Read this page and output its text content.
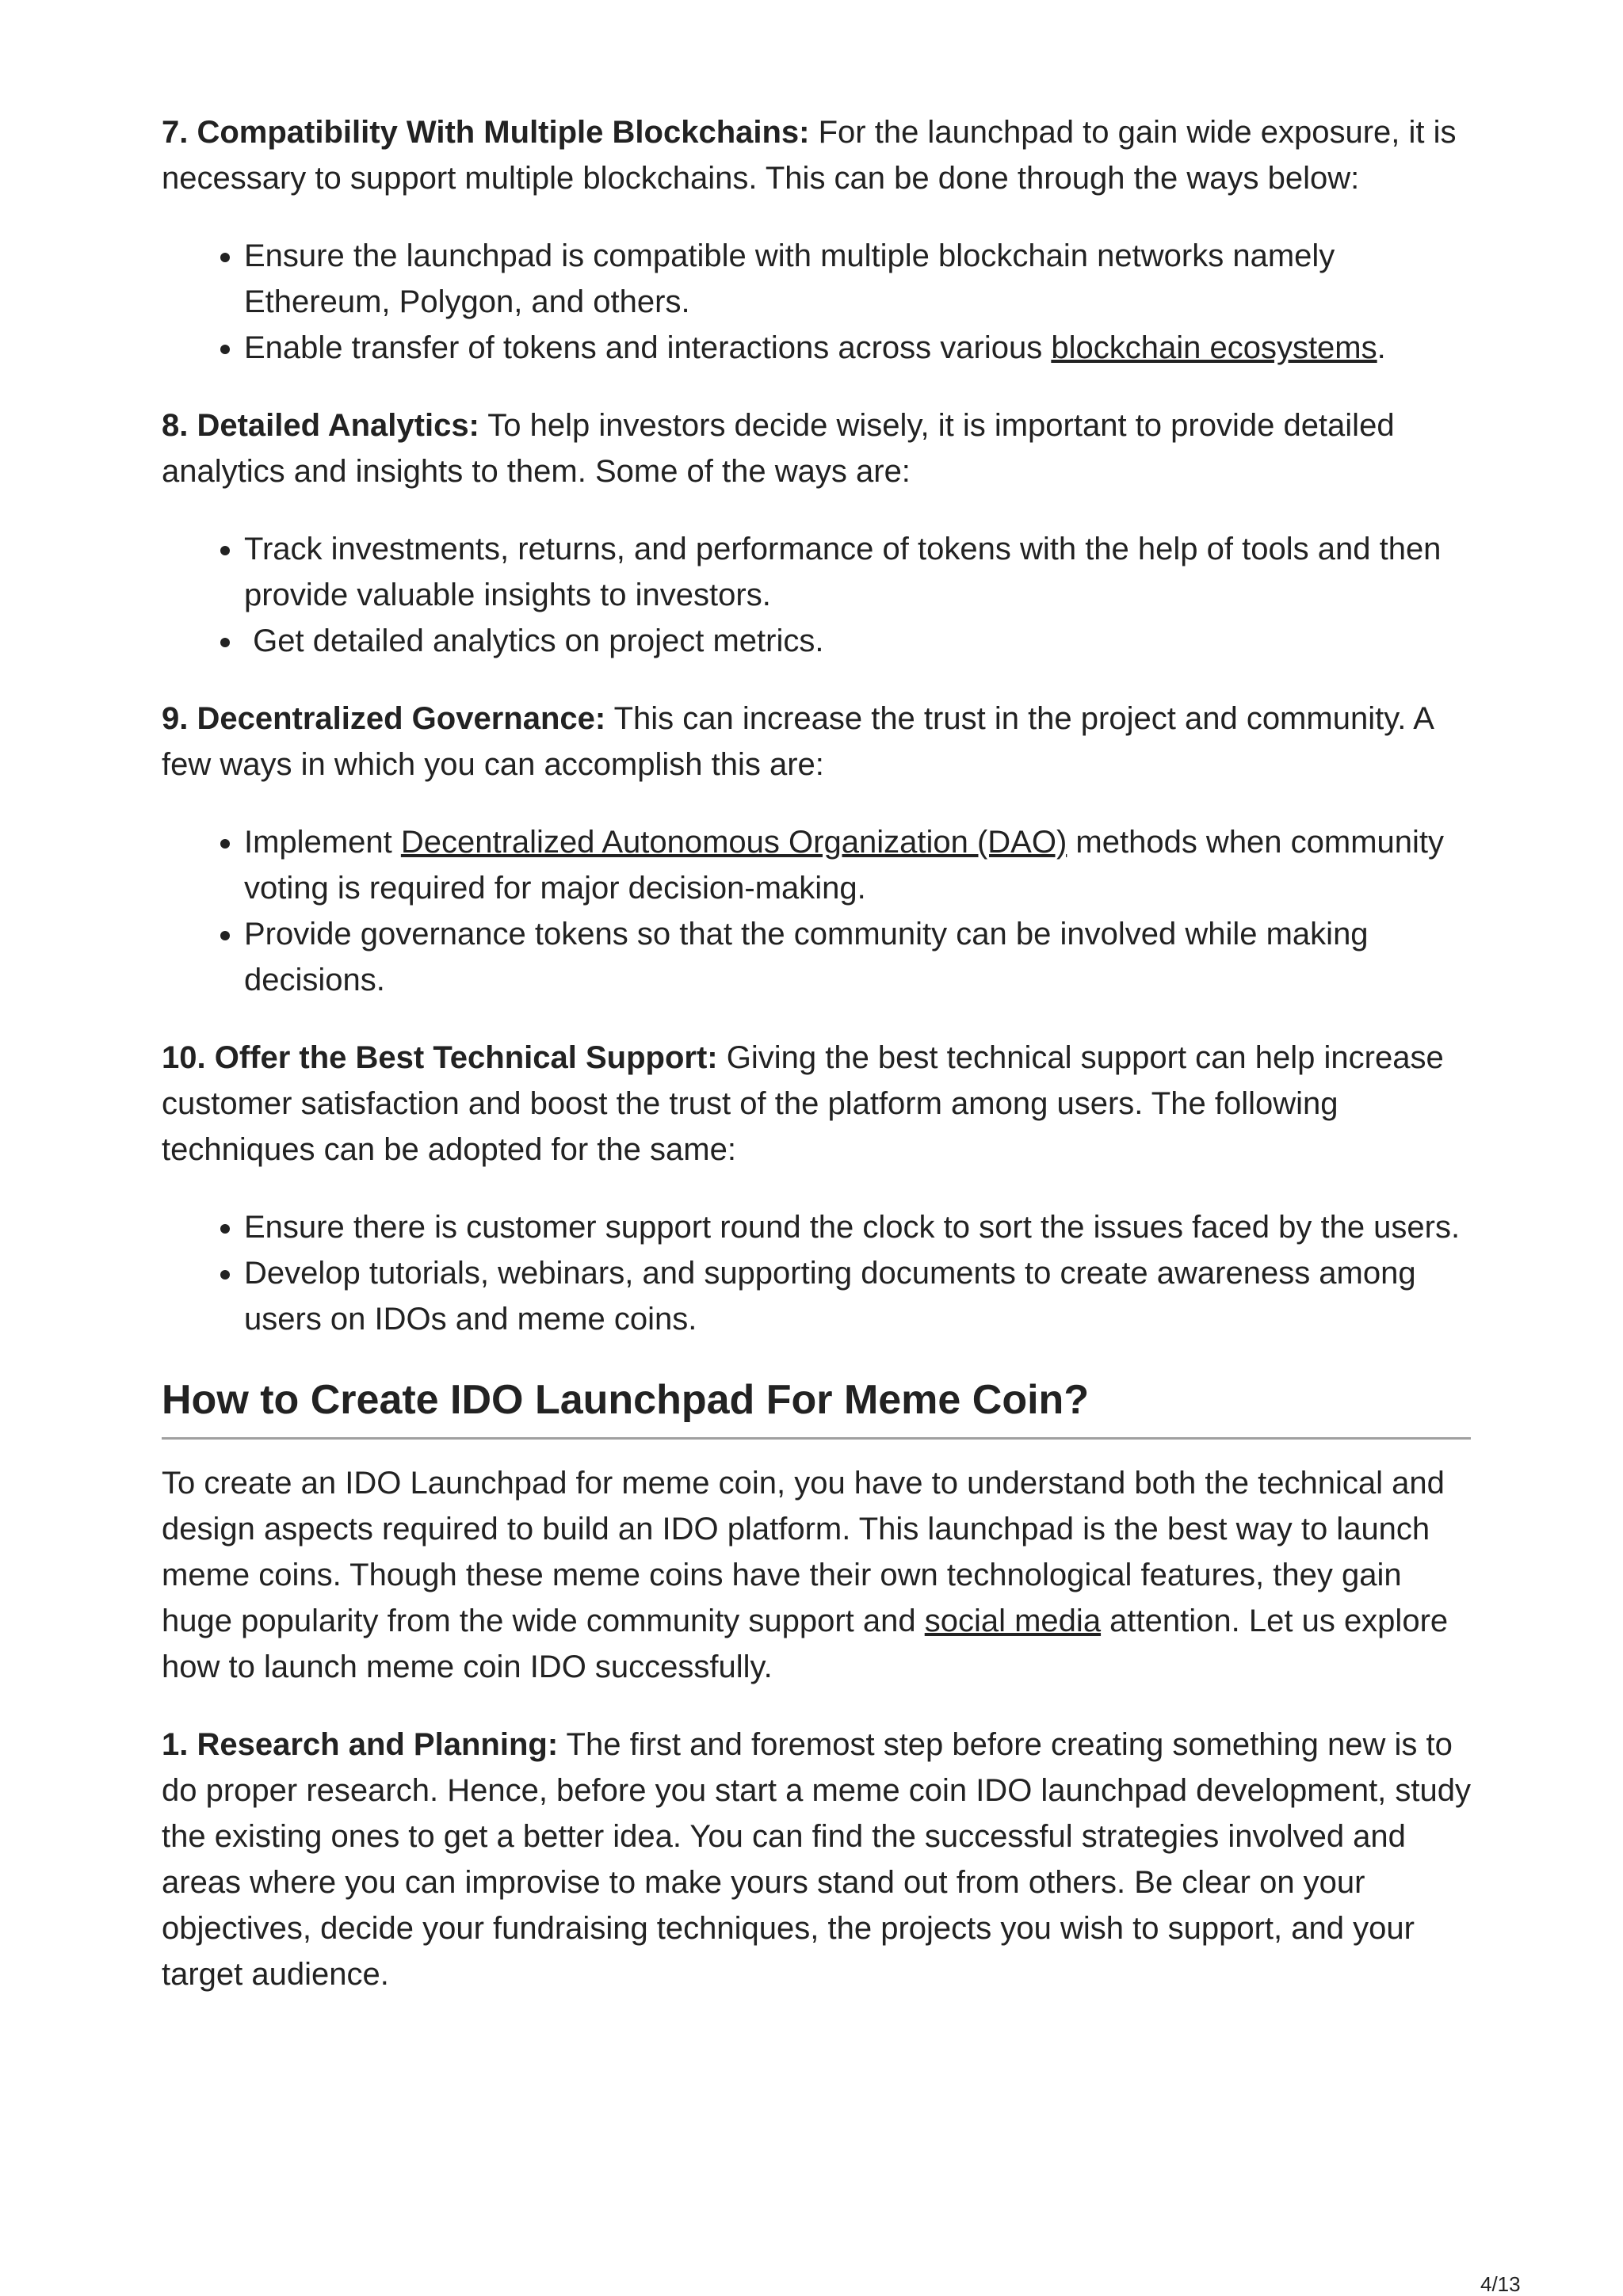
7. Compatibility With Multiple Blockchains: For the launchpad to gain wide exposure, it is necessary to support multiple blockchains. This can be done through the ways below:

• Ensure the launchpad is compatible with multiple blockchain networks namely Ethereum, Polygon, and others.
• Enable transfer of tokens and interactions across various blockchain ecosystems.

8. Detailed Analytics: To help investors decide wisely, it is important to provide detailed analytics and insights to them. Some of the ways are:

• Track investments, returns, and performance of tokens with the help of tools and then provide valuable insights to investors.
•  Get detailed analytics on project metrics.

9. Decentralized Governance: This can increase the trust in the project and community. A few ways in which you can accomplish this are:

• Implement Decentralized Autonomous Organization (DAO) methods when community voting is required for major decision-making.
• Provide governance tokens so that the community can be involved while making decisions.

10. Offer the Best Technical Support: Giving the best technical support can help increase customer satisfaction and boost the trust of the platform among users. The following techniques can be adopted for the same:

• Ensure there is customer support round the clock to sort the issues faced by the users.
• Develop tutorials, webinars, and supporting documents to create awareness among users on IDOs and meme coins.
How to Create IDO Launchpad For Meme Coin?

To create an IDO Launchpad for meme coin, you have to understand both the technical and design aspects required to build an IDO platform. This launchpad is the best way to launch meme coins. Though these meme coins have their own technological features, they gain huge popularity from the wide community support and social media attention. Let us explore how to launch meme coin IDO successfully.

1. Research and Planning: The first and foremost step before creating something new is to do proper research. Hence, before you start a meme coin IDO launchpad development, study the existing ones to get a better idea. You can find the successful strategies involved and areas where you can improvise to make yours stand out from others. Be clear on your objectives, decide your fundraising techniques, the projects you wish to support, and your target audience.

4/13
